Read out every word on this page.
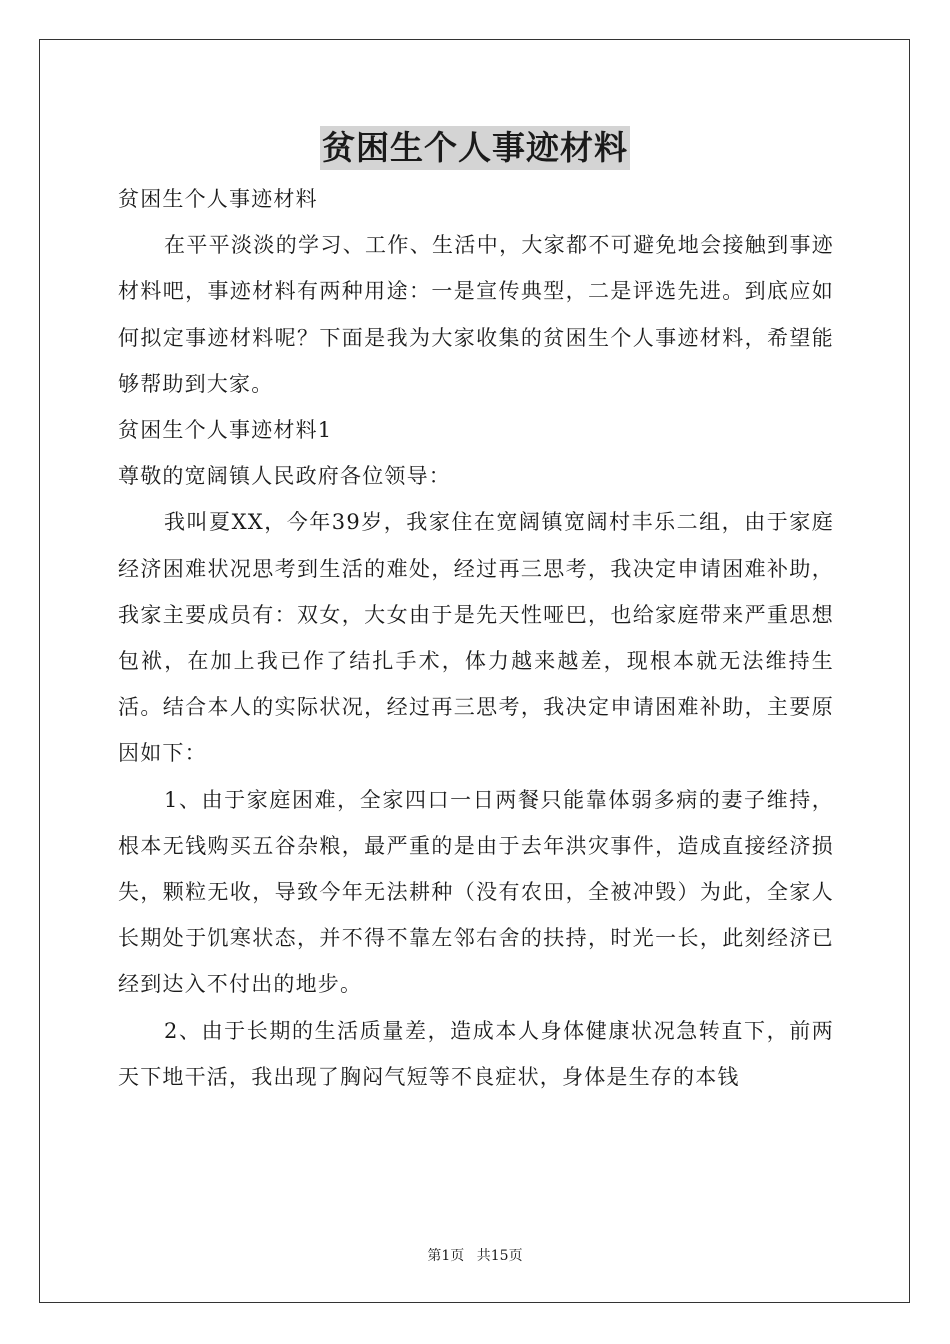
贫困生个人事迹材料

贫困生个人事迹材料

在平平淡淡的学习、工作、生活中，大家都不可避免地会接触到事迹材料吧，事迹材料有两种用途：一是宣传典型，二是评选先进。到底应如何拟定事迹材料呢？下面是我为大家收集的贫困生个人事迹材料，希望能够帮助到大家。

贫困生个人事迹材料1

尊敬的宽阔镇人民政府各位领导：

我叫夏XX，今年39岁，我家住在宽阔镇宽阔村丰乐二组，由于家庭经济困难状况思考到生活的难处，经过再三思考，我决定申请困难补助，我家主要成员有：双女，大女由于是先天性哑巴，也给家庭带来严重思想包袱，在加上我已作了结扎手术，体力越来越差，现根本就无法维持生活。结合本人的实际状况，经过再三思考，我决定申请困难补助，主要原因如下：

1、由于家庭困难，全家四口一日两餐只能靠体弱多病的妻子维持，根本无钱购买五谷杂粮，最严重的是由于去年洪灾事件，造成直接经济损失，颗粒无收，导致今年无法耕种（没有农田，全被冲毁）为此，全家人长期处于饥寒状态，并不得不靠左邻右舍的扶持，时光一长，此刻经济已经到达入不付出的地步。

2、由于长期的生活质量差，造成本人身体健康状况急转直下，前两天下地干活，我出现了胸闷气短等不良症状，身体是生存的本钱

第1页 共15页
